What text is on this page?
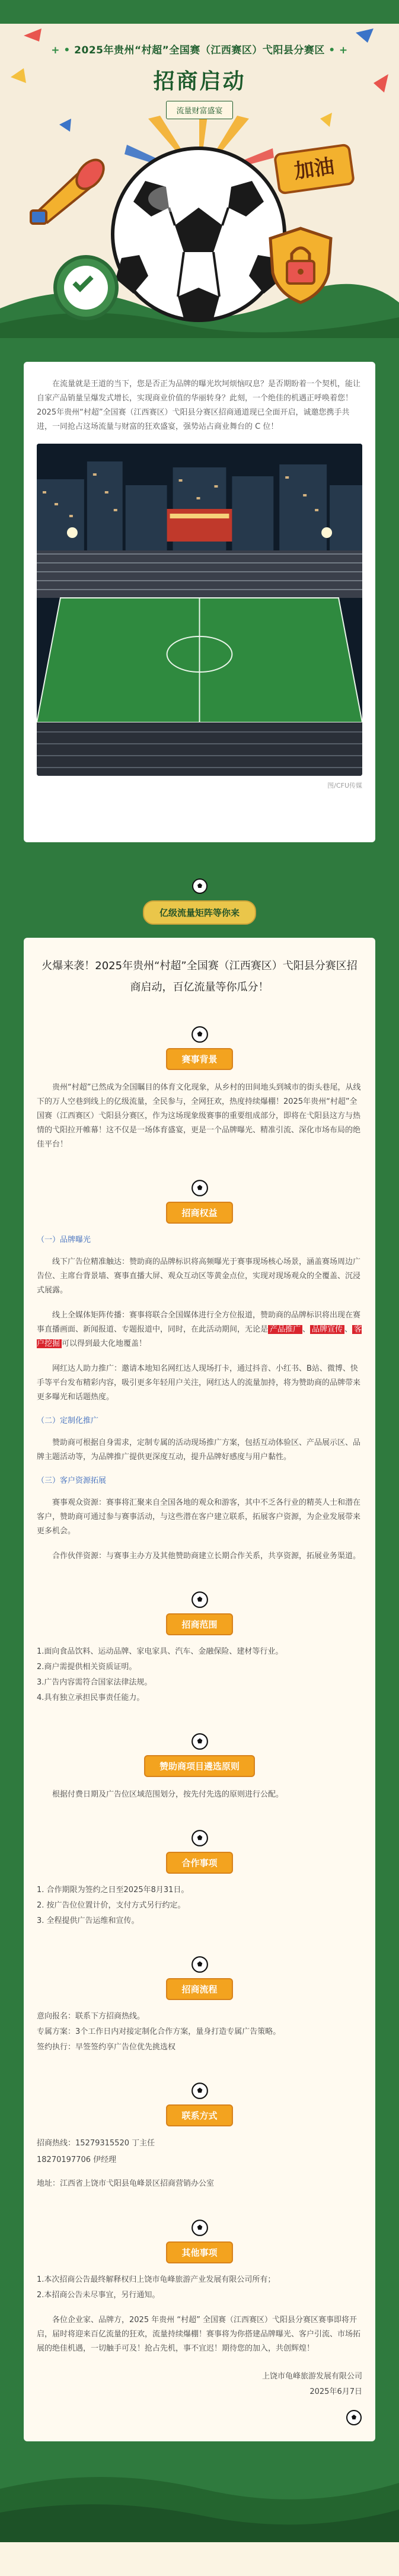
+ • 2025年贵州“村超”全国赛（江西赛区）弋阳县分赛区 • +
招商启动
流量财富盛宴
加油

在流量就是王道的当下，您是否正为品牌的曝光坎坷烦恼叹息？是否期盼着一个契机，能让自家产品销量呈爆发式增长，实现商业价值的华丽转身？此刻，一个绝佳的机遇正呼唤着您！2025年贵州“村超”全国赛（江西赛区）弋阳县分赛区招商通道现已全面开启，诚邀您携手共进，一同抢占这场流量与财富的狂欢盛宴，强势站占商业舞台的 C 位！

图/CFU传媒
亿级流量矩阵等你来

火爆来袭！2025年贵州“村超”全国赛（江西赛区）弋阳县分赛区招商启动，百亿流量等你瓜分！

赛事背景

贵州“村超”已然成为全国瞩目的体育文化现象，从乡村的田间地头到城市的街头巷尾，从线下的万人空巷到线上的亿级流量，全民参与，全网狂欢，热度持续爆棚！2025年贵州“村超”全国赛（江西赛区）弋阳县分赛区，作为这场现象级赛事的重要组成部分，即将在弋阳县这方与热情的弋阳拉开帷幕！这不仅是一场体育盛宴，更是一个品牌曝光、精准引流、深化市场布局的绝佳平台！

招商权益
（一）品牌曝光

线下广告位精准触达：赞助商的品牌标识将高频曝光于赛事现场核心场景，涵盖赛场周边广告位、主席台背景墙、赛事直播大屏、观众互动区等黄金点位，实现对现场观众的全覆盖、沉浸式展露。

线上全媒体矩阵传播：赛事将联合全国媒体进行全方位报道，赞助商的品牌标识将出现在赛事直播画面、新闻报道、专题报道中，同时，在此活动期间，无论是 产品推广 、 品牌宣传 、 客户挖掘 可以得到最大化地覆盖！

网红达人助力推广：邀请本地知名网红达人现场打卡，通过抖音、小红书、B站、微博、快手等平台发布精彩内容，吸引更多年轻用户关注，网红达人的流量加持，将为赞助商的品牌带来更多曝光和话题热度。

（二）定制化推广

赞助商可根据自身需求，定制专属的活动现场推广方案，包括互动体验区、产品展示区、品牌主题活动等，为品牌推广提供更深度互动，提升品牌好感度与用户黏性。

（三）客户资源拓展

赛事观众资源：赛事将汇聚来自全国各地的观众和游客，其中不乏各行业的精英人士和潜在客户，赞助商可通过参与赛事活动，与这些潜在客户建立联系，拓展客户资源，为企业发展带来更多机会。

合作伙伴资源：与赛事主办方及其他赞助商建立长期合作关系，共享资源，拓展业务渠道。

招商范围
1.面向食品饮料、运动品牌、家电家具、汽车、金融保险、建材等行业。
2.商户需提供相关资质证明。
3.广告内容需符合国家法律法规。
4.具有独立承担民事责任能力。
赞助商项目遴选原则

根据付费日期及广告位区域范围划分，按先付先选的原则进行公配。

合作事项
1. 合作期限为签约之日至2025年8月31日。
2. 按广告位位置计价，支付方式另行约定。
3. 全程提供广告运维和宣传。
招商流程
意向报名：联系下方招商热线。
专属方案：3个工作日内对接定制化合作方案，量身打造专属广告策略。
签约执行：早签签约享广告位优先挑选权
联系方式
招商热线：15279315520 丁主任
18270197706 伊经理
地址：江西省上饶市弋阳县龟峰景区招商营销办公室
其他事项
1.本次招商公告最终解释权归上饶市龟峰旅游产业发展有限公司所有；
2.本招商公告未尽事宜，另行通知。

各位企业家、品牌方，2025 年贵州 “村超” 全国赛（江西赛区）弋阳县分赛区赛事即将开启，届时将迎来百亿流量的狂欢，流量持续爆棚！赛事将为你搭建品牌曝光、客户引流、市场拓展的绝佳机遇，一切触手可及！抢占先机，事不宜迟！期待您的加入，共创辉煌！

上饶市龟峰旅游发展有限公司
2025年6月7日
